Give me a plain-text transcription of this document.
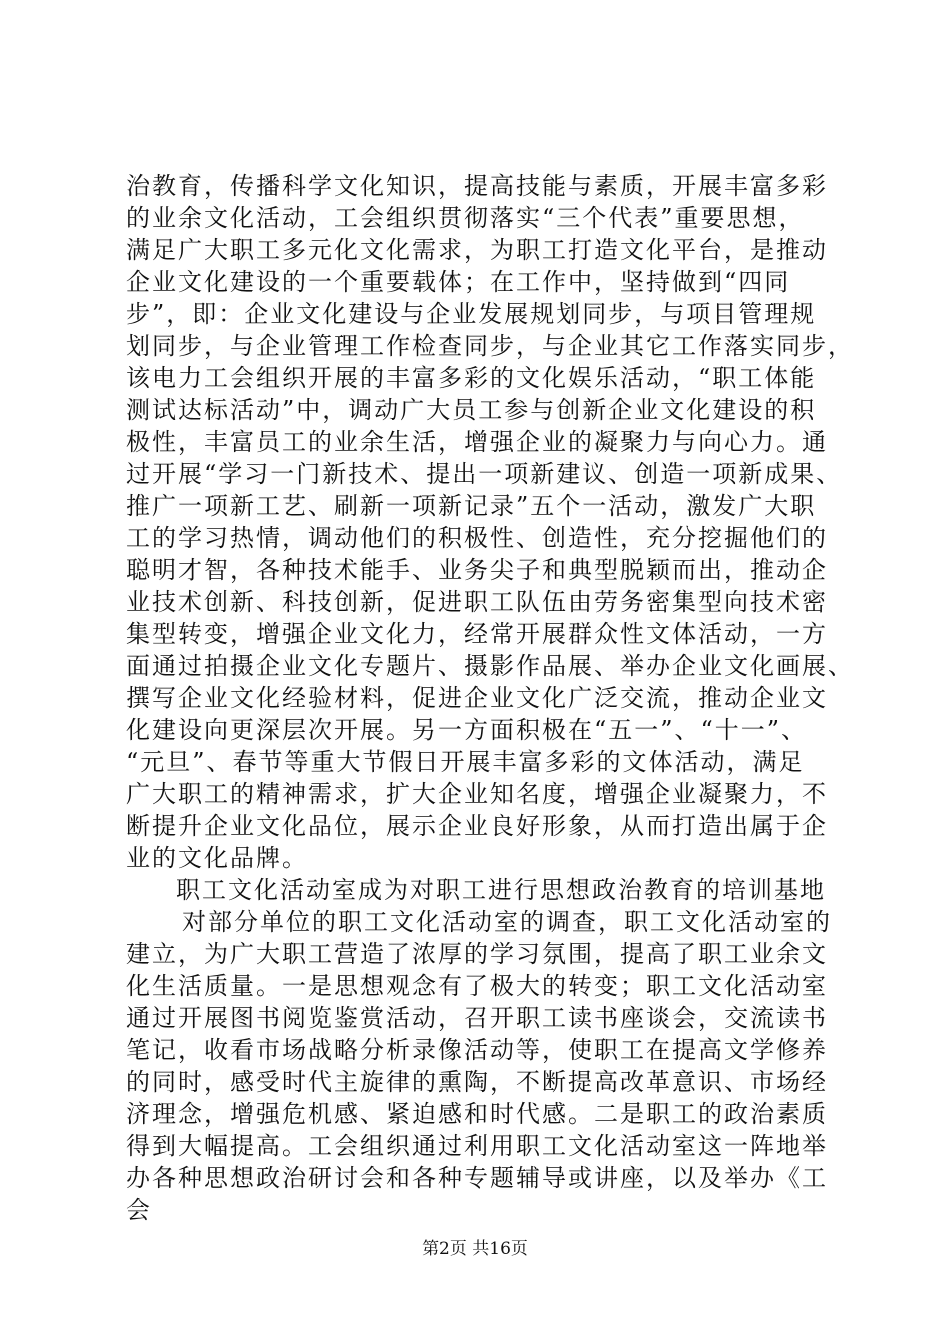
治教育，传播科学文化知识，提高技能与素质，开展丰富多彩
的业余文化活动，工会组织贯彻落实“三个代表”重要思想，
满足广大职工多元化文化需求，为职工打造文化平台，是推动
企业文化建设的一个重要载体；在工作中，坚持做到“四同
步”，即：企业文化建设与企业发展规划同步，与项目管理规
划同步，与企业管理工作检查同步，与企业其它工作落实同步，
该电力工会组织开展的丰富多彩的文化娱乐活动，“职工体能
测试达标活动”中，调动广大员工参与创新企业文化建设的积
极性，丰富员工的业余生活，增强企业的凝聚力与向心力。通
过开展“学习一门新技术、提出一项新建议、创造一项新成果、
推广一项新工艺、刷新一项新记录”五个一活动，激发广大职
工的学习热情，调动他们的积极性、创造性，充分挖掘他们的
聪明才智，各种技术能手、业务尖子和典型脱颖而出，推动企
业技术创新、科技创新，促进职工队伍由劳务密集型向技术密
集型转变，增强企业文化力，经常开展群众性文体活动，一方
面通过拍摄企业文化专题片、摄影作品展、举办企业文化画展、
撰写企业文化经验材料，促进企业文化广泛交流，推动企业文
化建设向更深层次开展。另一方面积极在“五一”、“十一”、
“元旦”、春节等重大节假日开展丰富多彩的文体活动，满足
广大职工的精神需求，扩大企业知名度，增强企业凝聚力，不
断提升企业文化品位，展示企业良好形象，从而打造出属于企
业的文化品牌。
职工文化活动室成为对职工进行思想政治教育的培训基地
对部分单位的职工文化活动室的调查，职工文化活动室的
建立，为广大职工营造了浓厚的学习氛围，提高了职工业余文
化生活质量。一是思想观念有了极大的转变；职工文化活动室
通过开展图书阅览鉴赏活动，召开职工读书座谈会，交流读书
笔记，收看市场战略分析录像活动等，使职工在提高文学修养
的同时，感受时代主旋律的熏陶，不断提高改革意识、市场经
济理念，增强危机感、紧迫感和时代感。二是职工的政治素质
得到大幅提高。工会组织通过利用职工文化活动室这一阵地举
办各种思想政治研讨会和各种专题辅导或讲座，以及举办《工
会
第2页 共16页
